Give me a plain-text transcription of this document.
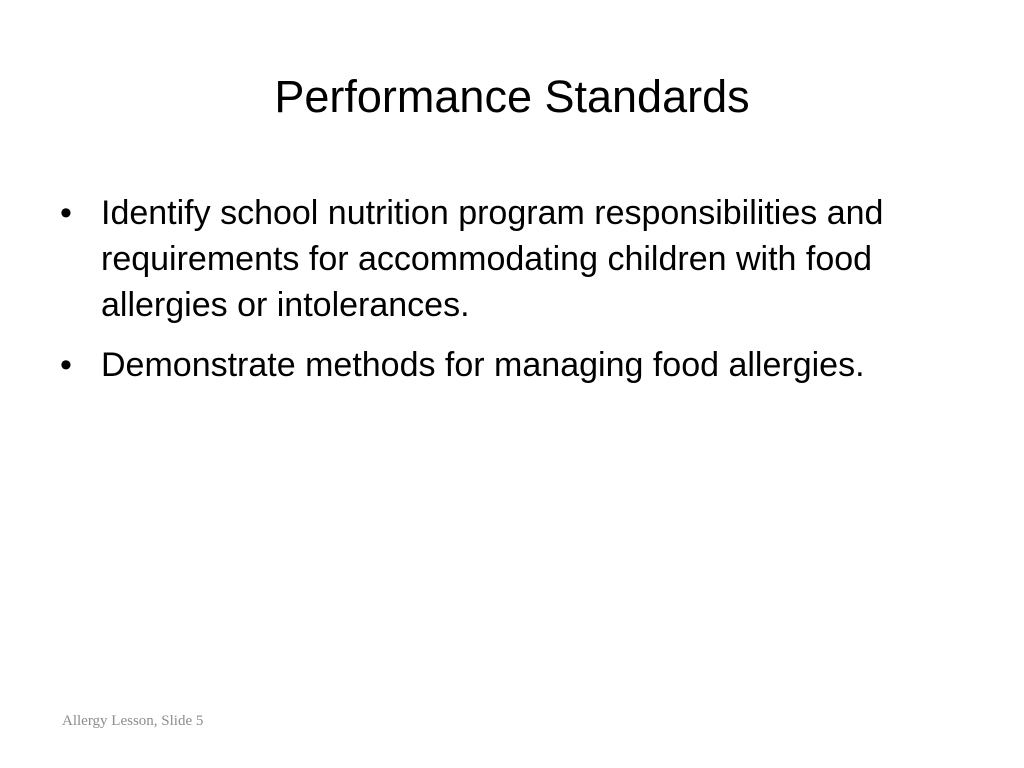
Performance Standards
• Identify school nutrition program responsibilities and requirements for accommodating children with food allergies or intolerances.
• Demonstrate methods for managing food allergies.
Allergy Lesson, Slide 5
